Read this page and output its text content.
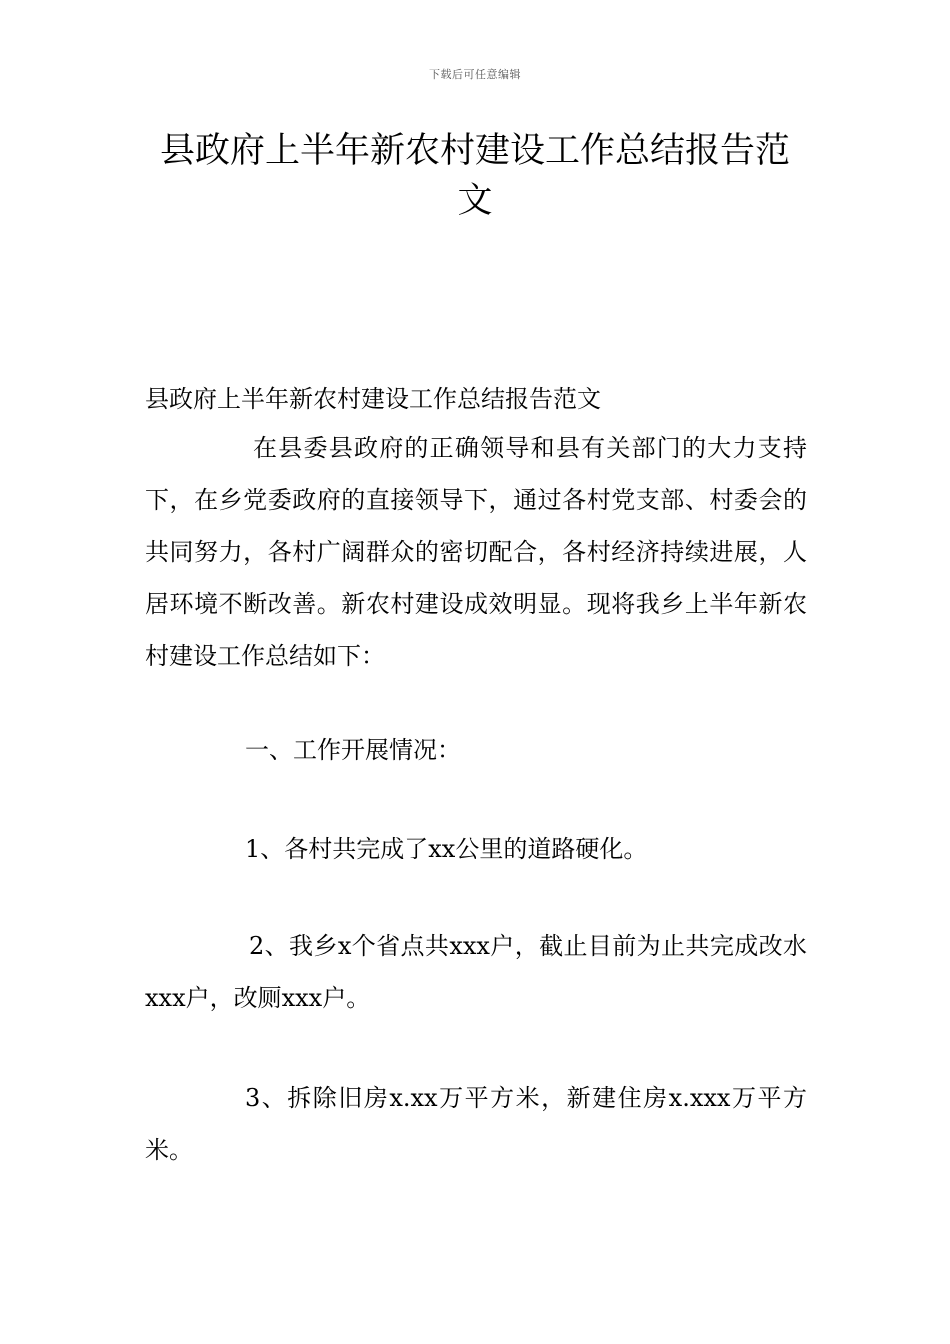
下载后可任意编辑
县政府上半年新农村建设工作总结报告范文

县政府上半年新农村建设工作总结报告范文

在县委县政府的正确领导和县有关部门的大力支持下，在乡党委政府的直接领导下，通过各村党支部、村委会的共同努力，各村广阔群众的密切配合，各村经济持续进展，人居环境不断改善。新农村建设成效明显。现将我乡上半年新农村建设工作总结如下：

一、工作开展情况：

1、各村共完成了xx公里的道路硬化。

2、我乡x个省点共xxx户，截止目前为止共完成改水xxx户，改厕xxx户。

3、拆除旧房x.xx万平方米，新建住房x.xxx万平方米。
